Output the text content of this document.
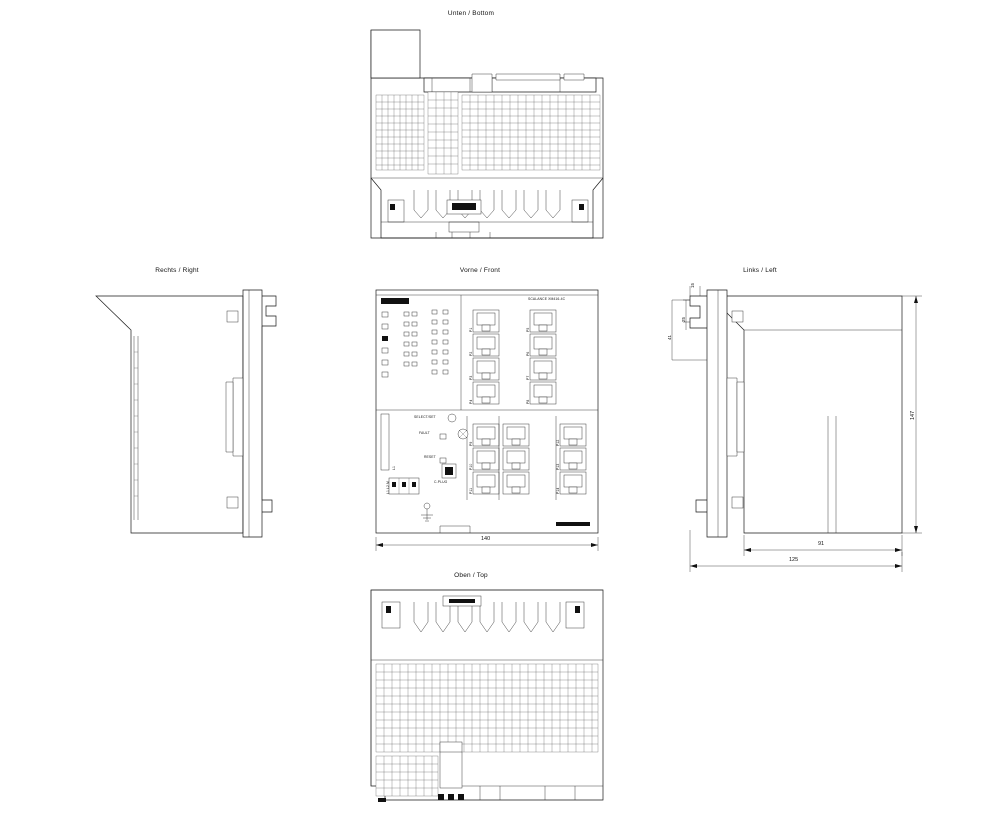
Unten / Bottom
Rechts / Right	Vorne / Front	Links / Left
Oben / Top

SCALANCE XM416-4C
SELECT/SET
FAULT
RESET
C-PLUG
L1 L2 M
L1

P1
P2
P3
P4
P5
P6
P7
P8
P9
P10
P11
P12
P13
P14
140
147
91
125
15
25
41
